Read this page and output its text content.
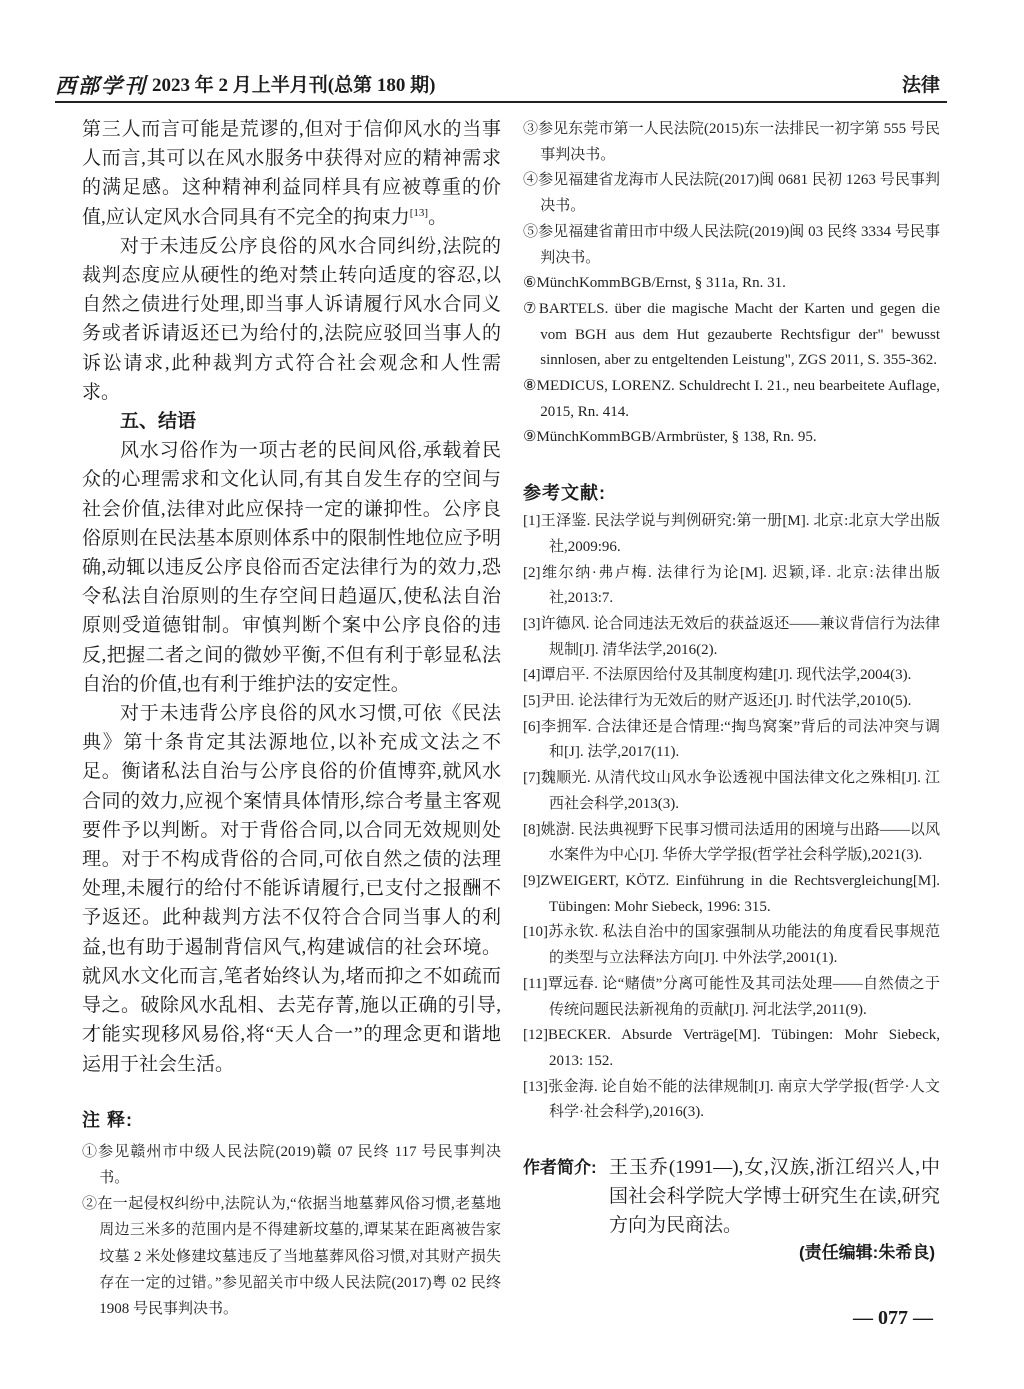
西部学刊 2023 年 2 月上半月刊(总第 180 期)	法律

第三人而言可能是荒谬的,但对于信仰风水的当事人而言,其可以在风水服务中获得对应的精神需求的满足感。这种精神利益同样具有应被尊重的价值,应认定风水合同具有不完全的拘束力[13]。

对于未违反公序良俗的风水合同纠纷,法院的裁判态度应从硬性的绝对禁止转向适度的容忍,以自然之债进行处理,即当事人诉请履行风水合同义务或者诉请返还已为给付的,法院应驳回当事人的诉讼请求,此种裁判方式符合社会观念和人性需求。

五、结语

风水习俗作为一项古老的民间风俗,承载着民众的心理需求和文化认同,有其自发生存的空间与社会价值,法律对此应保持一定的谦抑性。公序良俗原则在民法基本原则体系中的限制性地位应予明确,动辄以违反公序良俗而否定法律行为的效力,恐令私法自治原则的生存空间日趋逼仄,使私法自治原则受道德钳制。审慎判断个案中公序良俗的违反,把握二者之间的微妙平衡,不但有利于彰显私法自治的价值,也有利于维护法的安定性。

对于未违背公序良俗的风水习惯,可依《民法典》第十条肯定其法源地位,以补充成文法之不足。衡诸私法自治与公序良俗的价值博弈,就风水合同的效力,应视个案情具体情形,综合考量主客观要件予以判断。对于背俗合同,以合同无效规则处理。对于不构成背俗的合同,可依自然之债的法理处理,未履行的给付不能诉请履行,已支付之报酬不予返还。此种裁判方法不仅符合合同当事人的利益,也有助于遏制背信风气,构建诚信的社会环境。就风水文化而言,笔者始终认为,堵而抑之不如疏而导之。破除风水乱相、去芜存菁,施以正确的引导,才能实现移风易俗,将“天人合一”的理念更和谐地运用于社会生活。

注 释:

①参见赣州市中级人民法院(2019)赣 07 民终 117 号民事判决书。

②在一起侵权纠纷中,法院认为,“依据当地墓葬风俗习惯,老墓地周边三米多的范围内是不得建新坟墓的,谭某某在距离被告家坟墓 2 米处修建坟墓违反了当地墓葬风俗习惯,对其财产损失存在一定的过错。”参见韶关市中级人民法院(2017)粤 02 民终 1908 号民事判决书。

③参见东莞市第一人民法院(2015)东一法排民一初字第 555 号民事判决书。

④参见福建省龙海市人民法院(2017)闽 0681 民初 1263 号民事判决书。

⑤参见福建省莆田市中级人民法院(2019)闽 03 民终 3334 号民事判决书。

⑥MünchKommBGB/Ernst, § 311a, Rn. 31.

⑦BARTELS. über die magische Macht der Karten und gegen die vom BGH aus dem Hut gezauberte Rechtsfigur der" bewusst sinnlosen, aber zu entgeltenden Leistung", ZGS 2011, S. 355-362.

⑧MEDICUS, LORENZ. Schuldrecht I. 21., neu bearbeitete Auflage, 2015, Rn. 414.

⑨MünchKommBGB/Armbrüster, § 138, Rn. 95.

参考文献:

[1]王泽鉴. 民法学说与判例研究:第一册[M]. 北京:北京大学出版社,2009:96.

[2]维尔纳·弗卢梅. 法律行为论[M]. 迟颖,译. 北京:法律出版社,2013:7.

[3]许德风. 论合同违法无效后的获益返还——兼议背信行为法律规制[J]. 清华法学,2016(2).

[4]谭启平. 不法原因给付及其制度构建[J]. 现代法学,2004(3).

[5]尹田. 论法律行为无效后的财产返还[J]. 时代法学,2010(5).

[6]李拥军. 合法律还是合情理:“掏鸟窝案”背后的司法冲突与调和[J]. 法学,2017(11).

[7]魏顺光. 从清代坟山风水争讼透视中国法律文化之殊相[J]. 江西社会科学,2013(3).

[8]姚澍. 民法典视野下民事习惯司法适用的困境与出路——以风水案件为中心[J]. 华侨大学学报(哲学社会科学版),2021(3).

[9]ZWEIGERT, KÖTZ. Einführung in die Rechtsvergleichung[M]. Tübingen: Mohr Siebeck, 1996: 315.

[10]苏永钦. 私法自治中的国家强制从功能法的角度看民事规范的类型与立法释法方向[J]. 中外法学,2001(1).

[11]覃远春. 论“赌债”分离可能性及其司法处理——自然债之于传统问题民法新视角的贡献[J]. 河北法学,2011(9).

[12]BECKER. Absurde Verträge[M]. Tübingen: Mohr Siebeck, 2013: 152.

[13]张金海. 论自始不能的法律规制[J]. 南京大学学报(哲学·人文科学·社会科学),2016(3).

作者简介: 王玉乔(1991—),女,汉族,浙江绍兴人,中国社会科学院大学博士研究生在读,研究方向为民商法。
(责任编辑:朱希良)
— 077 —
